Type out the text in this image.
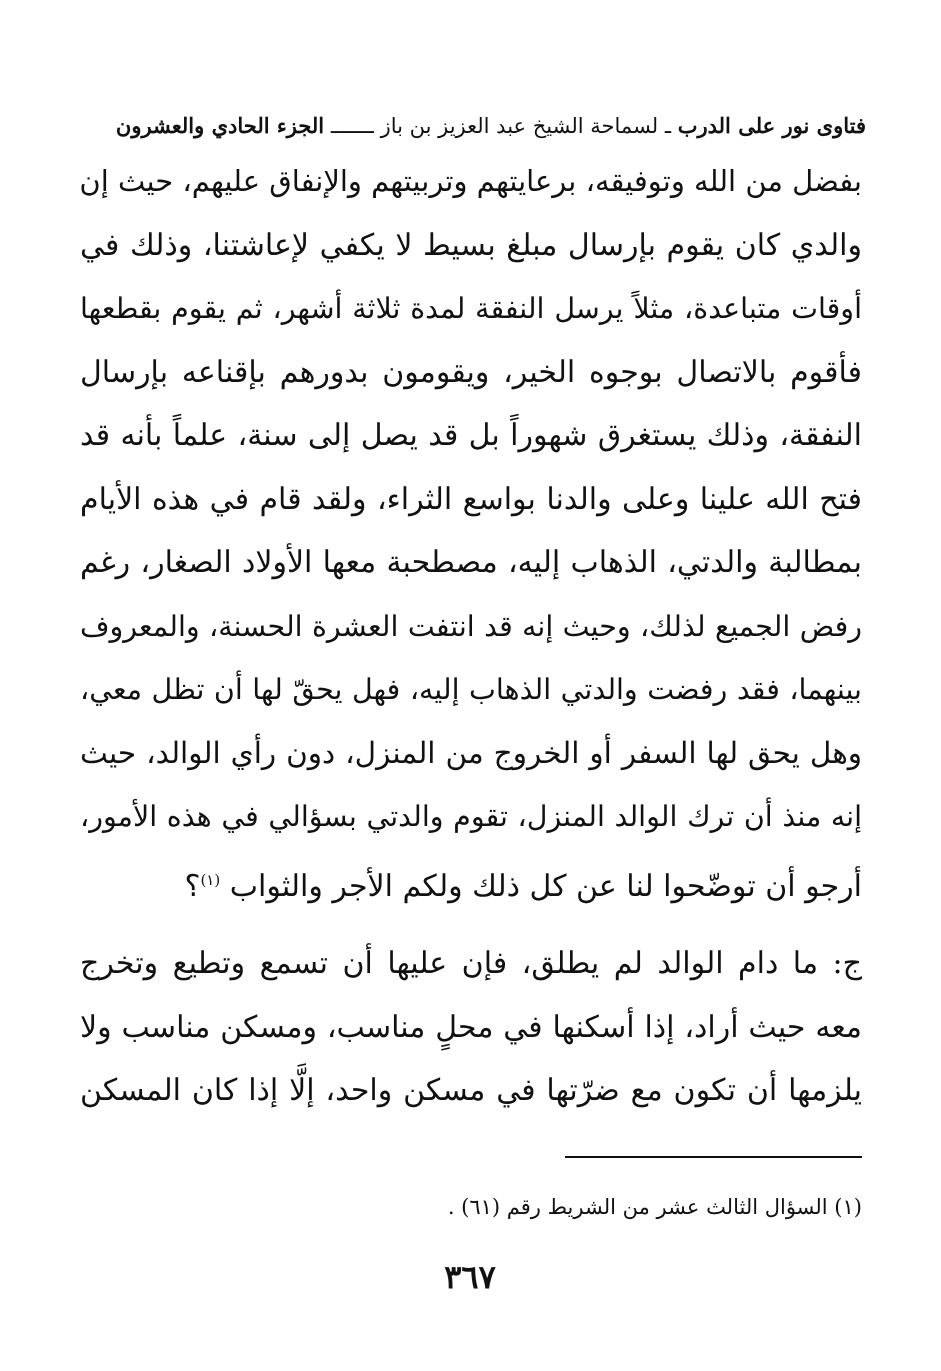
فتاوى نور على الدرب ـ لسماحة الشيخ عبد العزيز بن باز ـــــــ الجزء الحادي والعشرون
بفضل من الله وتوفيقه، برعايتهم وتربيتهم والإنفاق عليهم، حيث إن
والدي كان يقوم بإرسال مبلغ بسيط لا يكفي لإعاشتنا، وذلك في
أوقات متباعدة، مثلاً يرسل النفقة لمدة ثلاثة أشهر، ثم يقوم بقطعها
فأقوم بالاتصال بوجوه الخير، ويقومون بدورهم بإقناعه بإرسال
النفقة، وذلك يستغرق شهوراً بل قد يصل إلى سنة، علماً بأنه قد
فتح الله علينا وعلى والدنا بواسع الثراء، ولقد قام في هذه الأيام
بمطالبة والدتي، الذهاب إليه، مصطحبة معها الأولاد الصغار، رغم
رفض الجميع لذلك، وحيث إنه قد انتفت العشرة الحسنة، والمعروف
بينهما، فقد رفضت والدتي الذهاب إليه، فهل يحقّ لها أن تظل معي،
وهل يحق لها السفر أو الخروج من المنزل، دون رأي الوالد، حيث
إنه منذ أن ترك الوالد المنزل، تقوم والدتي بسؤالي في هذه الأمور،
أرجو أن توضّحوا لنا عن كل ذلك ولكم الأجر والثواب $^{(١)}$؟
ج: ما دام الوالد لم يطلق، فإن عليها أن تسمع وتطيع وتخرج
معه حيث أراد، إذا أسكنها في محلٍ مناسب، ومسكن مناسب ولا
يلزمها أن تكون مع ضرّتها في مسكن واحد، إلَّا إذا كان المسكن
(١) السؤال الثالث عشر من الشريط رقم (٦١) .
٣٦٧
